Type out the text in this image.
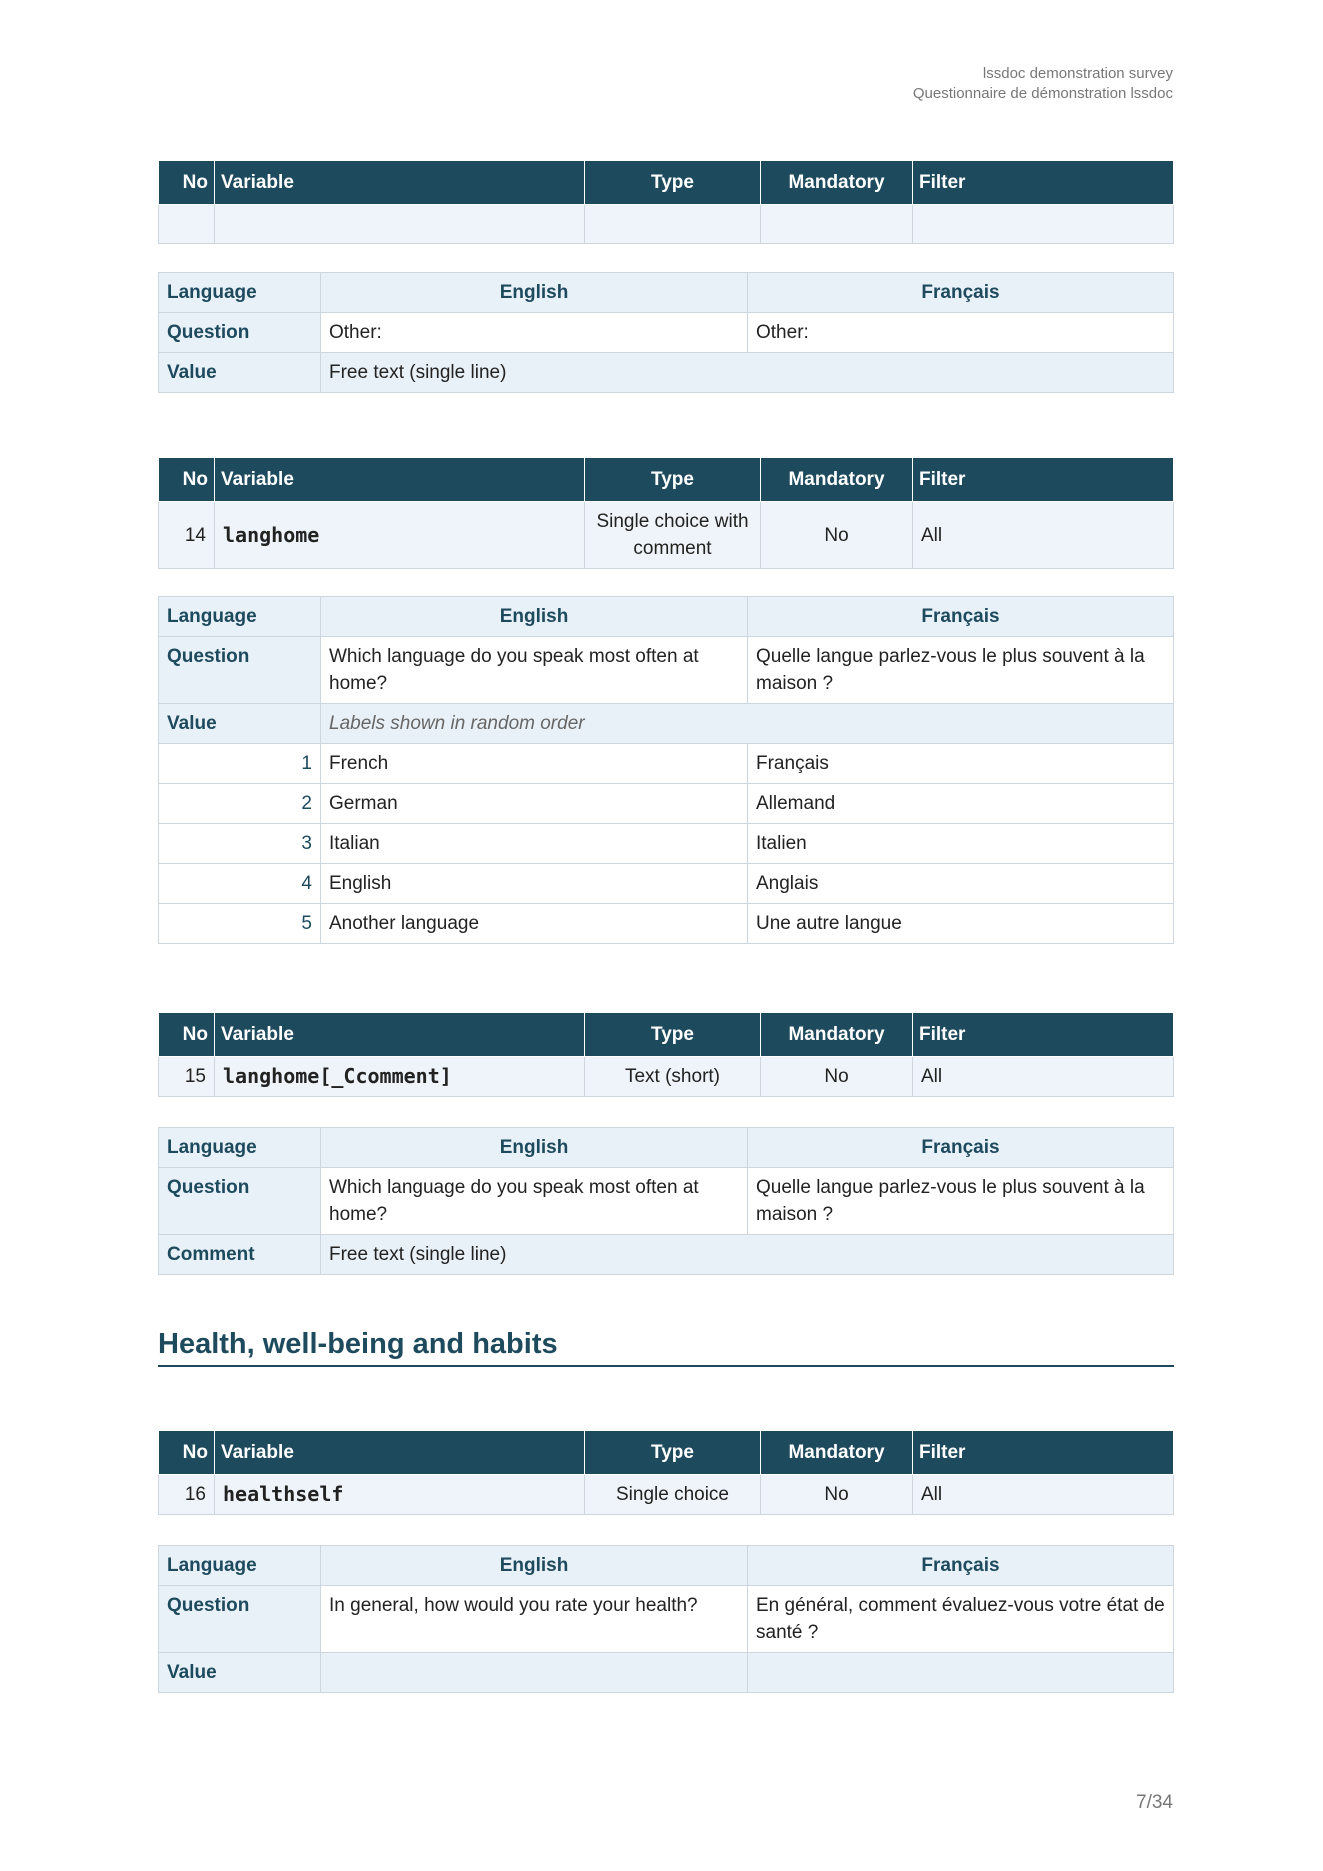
lssdoc demonstration survey
Questionnaire de démonstration lssdoc
No	Variable	Type	Mandatory	Filter

Language	English	Français
Question	Other:	Other:
Value	Free text (single line)	
No	Variable	Type	Mandatory	Filter
14	langhome	Single choice with comment	No	All
Language	English	Français
Question	Which language do you speak most often at home?	Quelle langue parlez-vous le plus souvent à la maison ?
Value	Labels shown in random order	
1	French	Français
2	German	Allemand
3	Italian	Italien
4	English	Anglais
5	Another language	Une autre langue
No	Variable	Type	Mandatory	Filter
15	langhome[_Ccomment]	Text (short)	No	All
Language	English	Français
Question	Which language do you speak most often at home?	Quelle langue parlez-vous le plus souvent à la maison ?
Comment	Free text (single line)	
Health, well-being and habits
No	Variable	Type	Mandatory	Filter
16	healthself	Single choice	No	All
Language	English	Français
Question	In general, how would you rate your health?	En général, comment évaluez-vous votre état de santé ?
Value		
7/34
